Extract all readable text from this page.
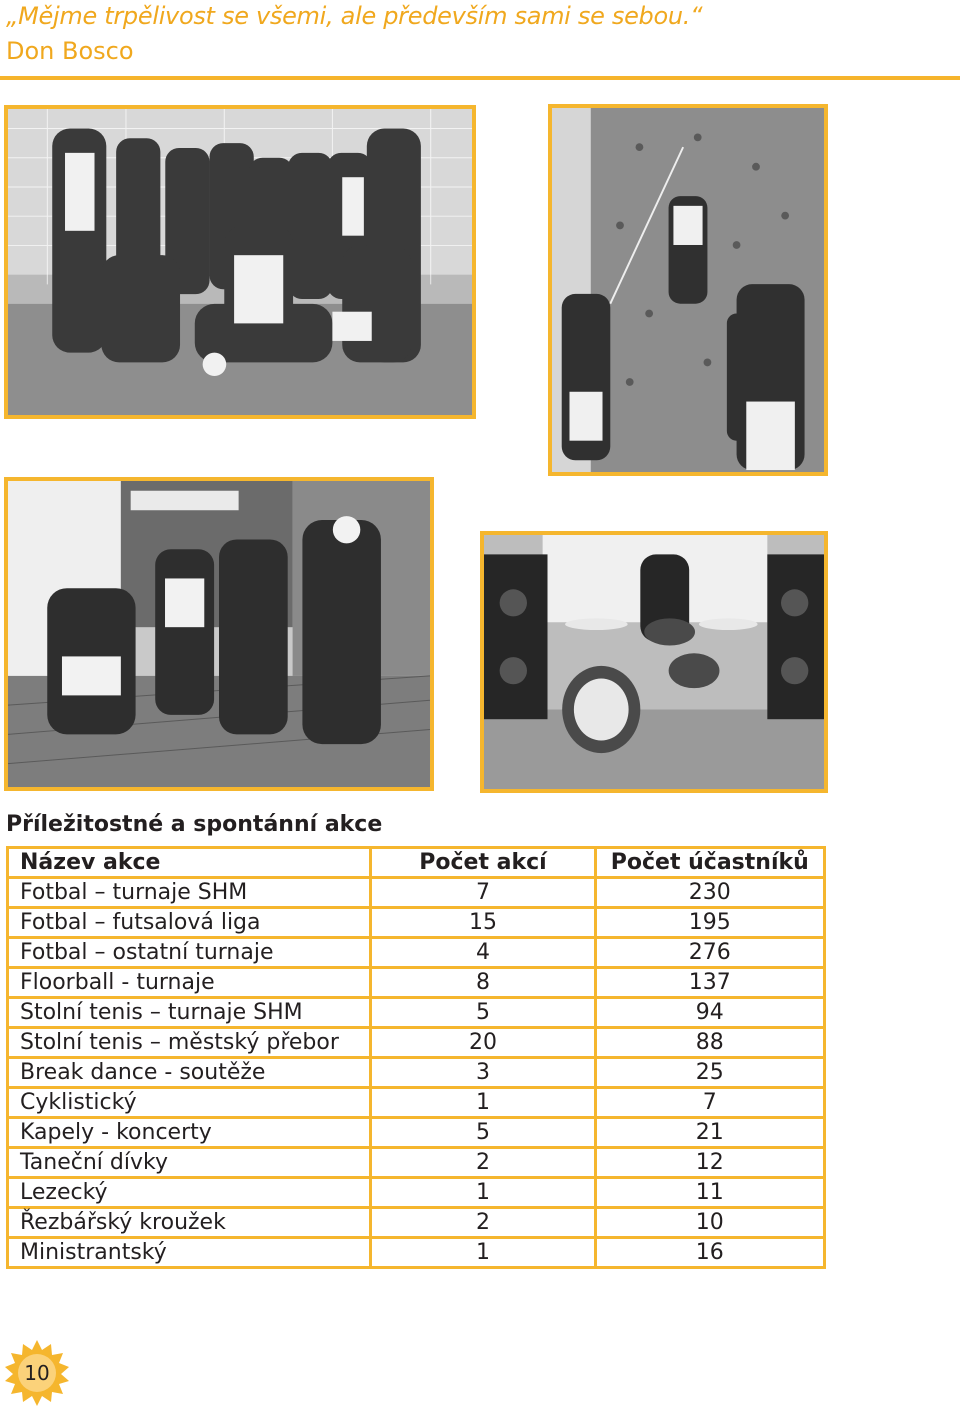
„Mějme trpělivost se všemi, ale především sami se sebou.“
Don Bosco
Příležitostné a spontánní akce
Název akce	Počet akcí	Počet účastníků
Fotbal – turnaje SHM	7	230
Fotbal – futsalová liga	15	195
Fotbal – ostatní turnaje	4	276
Floorball - turnaje	8	137
Stolní tenis – turnaje SHM	5	94
Stolní tenis – městský přebor	20	88
Break dance - soutěže	3	25
Cyklistický	1	7
Kapely - koncerty	5	21
Taneční dívky	2	12
Lezecký	1	11
Řezbářský kroužek	2	10
Ministrantský	1	16
10
